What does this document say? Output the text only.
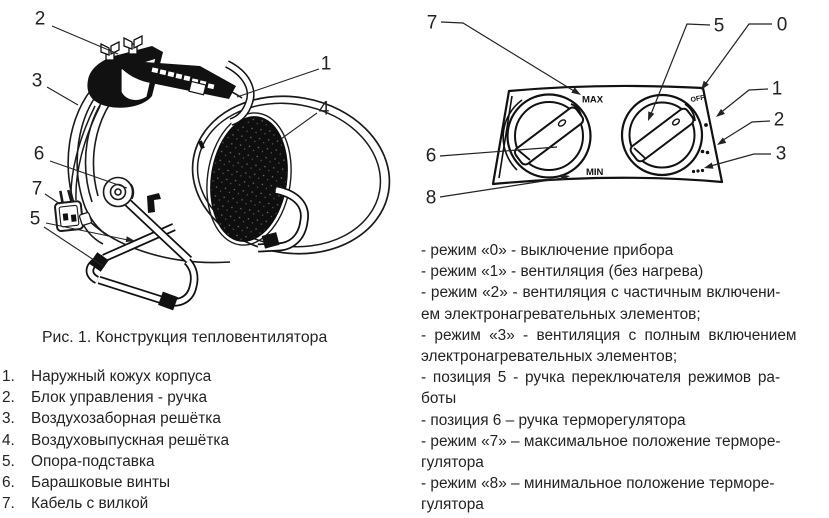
2
3
1
4
6
7
5
MAX
MIN
OFF
7	5	0
1
2
3
6
8
Рис. 1. Конструкция тепловентилятора
1.	Наружный кожух корпуса
2.	Блок управления - ручка
3.	Воздухозаборная решётка
4.	Воздуховыпускная решётка
5.	Опора-подставка
6.	Барашковые винты
7.	Кабель с вилкой
- режим «0» - выключение прибора
- режим «1» - вентиляция (без нагрева)
- режим «2» - вентиляция с частичным включени-
ем электронагревательных элементов;
- режим «3» - вентиляция с полным включением
электронагревательных элементов;
- позиция 5 - ручка переключателя режимов ра-
боты
- позиция 6 – ручка терморегулятора
- режим «7» – максимальное положение терморе-
гулятора
- режим «8» – минимальное положение терморе-
гулятора
